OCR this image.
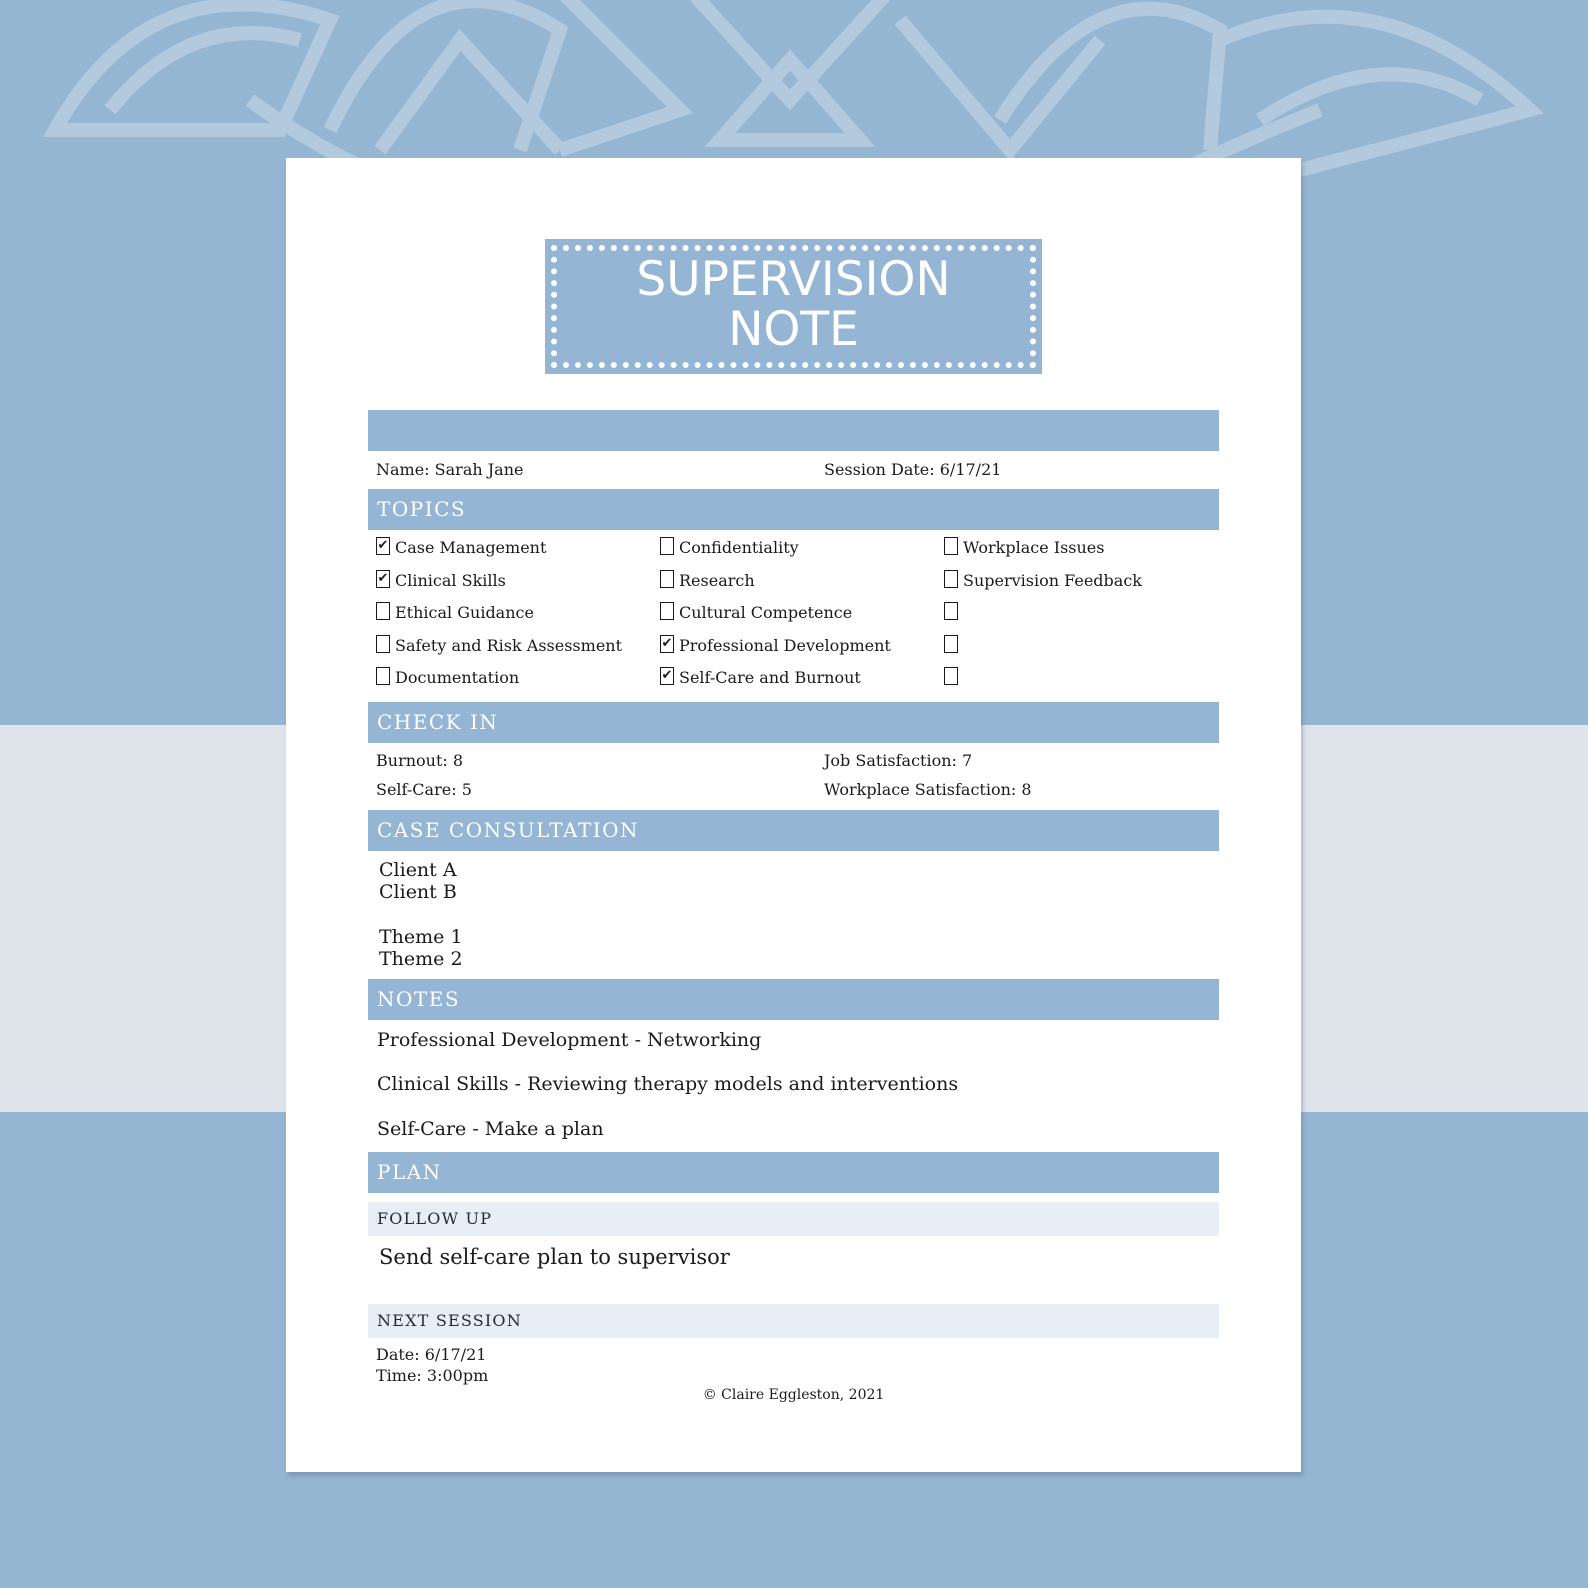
SUPERVISION
NOTE
Name: Sarah Jane	Session Date: 6/17/21
TOPICS
✔ Case Management
✔ Clinical Skills
Ethical Guidance
Safety and Risk Assessment
Documentation
Confidentiality
Research
Cultural Competence
✔ Professional Development
✔ Self-Care and Burnout
Workplace Issues
Supervision Feedback
CHECK IN
Burnout: 8
Self-Care: 5
Job Satisfaction: 7
Workplace Satisfaction: 8
CASE CONSULTATION
Client A
Client B
Theme 1
Theme 2
NOTES
Professional Development - Networking
Clinical Skills - Reviewing therapy models and interventions
Self-Care - Make a plan
PLAN
FOLLOW UP
Send self-care plan to supervisor
NEXT SESSION
Date: 6/17/21
Time: 3:00pm
© Claire Eggleston, 2021
